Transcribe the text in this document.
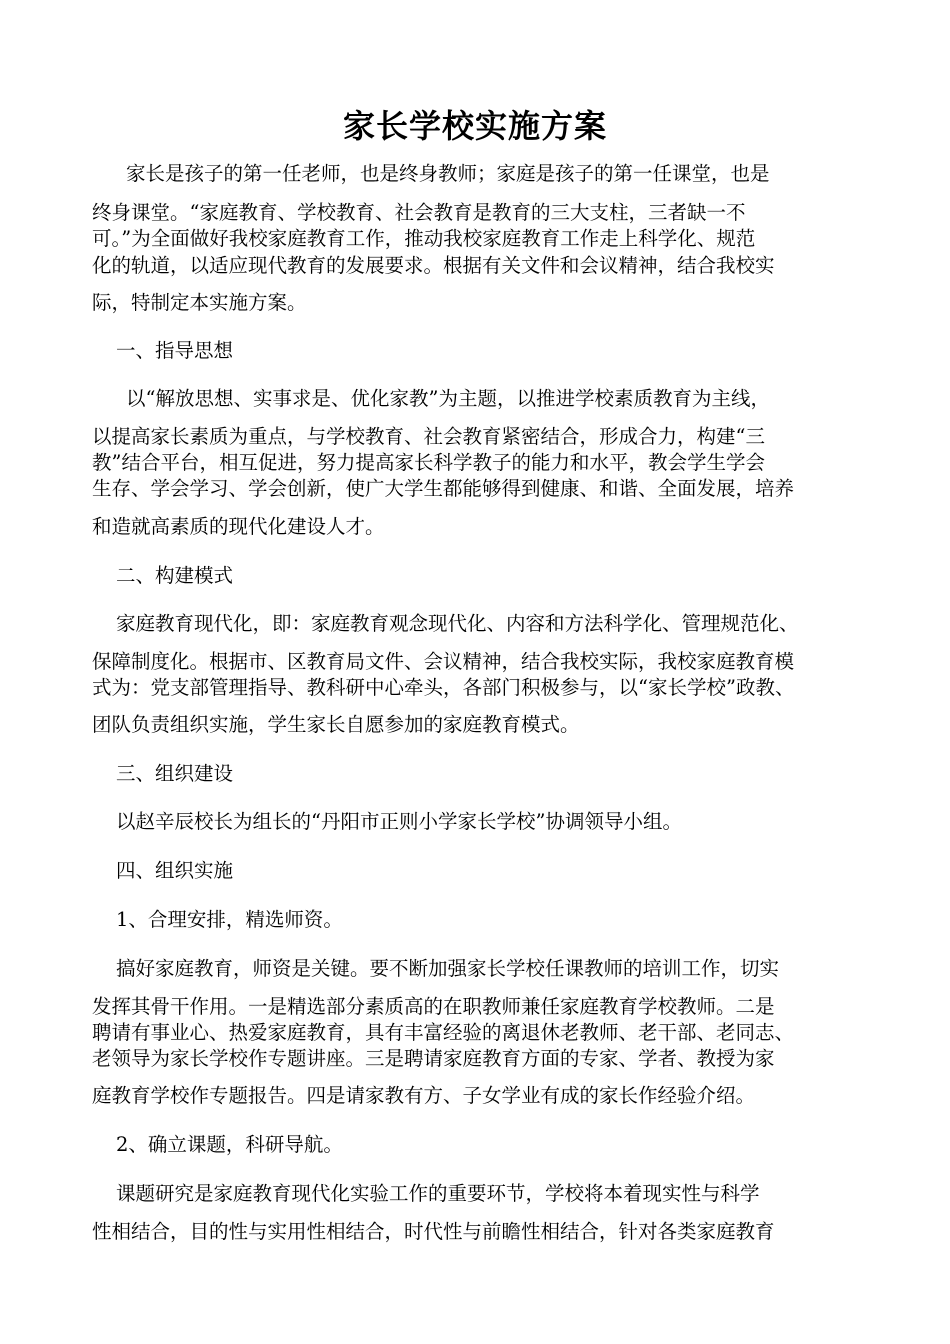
家长学校实施方案
家长是孩子的第一任老师，也是终身教师；家庭是孩子的第一任课堂，也是
终身课堂。“家庭教育、学校教育、社会教育是教育的三大支柱，三者缺一不
可。”为全面做好我校家庭教育工作，推动我校家庭教育工作走上科学化、规范
化的轨道，以适应现代教育的发展要求。根据有关文件和会议精神，结合我校实
际，特制定本实施方案。
一、指导思想
以“解放思想、实事求是、优化家教”为主题，以推进学校素质教育为主线，
以提高家长素质为重点，与学校教育、社会教育紧密结合，形成合力，构建“三
教”结合平台，相互促进，努力提高家长科学教子的能力和水平，教会学生学会
生存、学会学习、学会创新，使广大学生都能够得到健康、和谐、全面发展，培养
和造就高素质的现代化建设人才。
二、构建模式
家庭教育现代化，即：家庭教育观念现代化、内容和方法科学化、管理规范化、
保障制度化。根据市、区教育局文件、会议精神，结合我校实际，我校家庭教育模
式为：党支部管理指导、教科研中心牵头，各部门积极参与，以“家长学校”政教、
团队负责组织实施，学生家长自愿参加的家庭教育模式。
三、组织建设
以赵辛辰校长为组长的“丹阳市正则小学家长学校”协调领导小组。
四、组织实施
1、合理安排，精选师资。
搞好家庭教育，师资是关键。要不断加强家长学校任课教师的培训工作，切实
发挥其骨干作用。一是精选部分素质高的在职教师兼任家庭教育学校教师。二是
聘请有事业心、热爱家庭教育，具有丰富经验的离退休老教师、老干部、老同志、
老领导为家长学校作专题讲座。三是聘请家庭教育方面的专家、学者、教授为家
庭教育学校作专题报告。四是请家教有方、子女学业有成的家长作经验介绍。
2、确立课题，科研导航。
课题研究是家庭教育现代化实验工作的重要环节，学校将本着现实性与科学
性相结合，目的性与实用性相结合，时代性与前瞻性相结合，针对各类家庭教育
